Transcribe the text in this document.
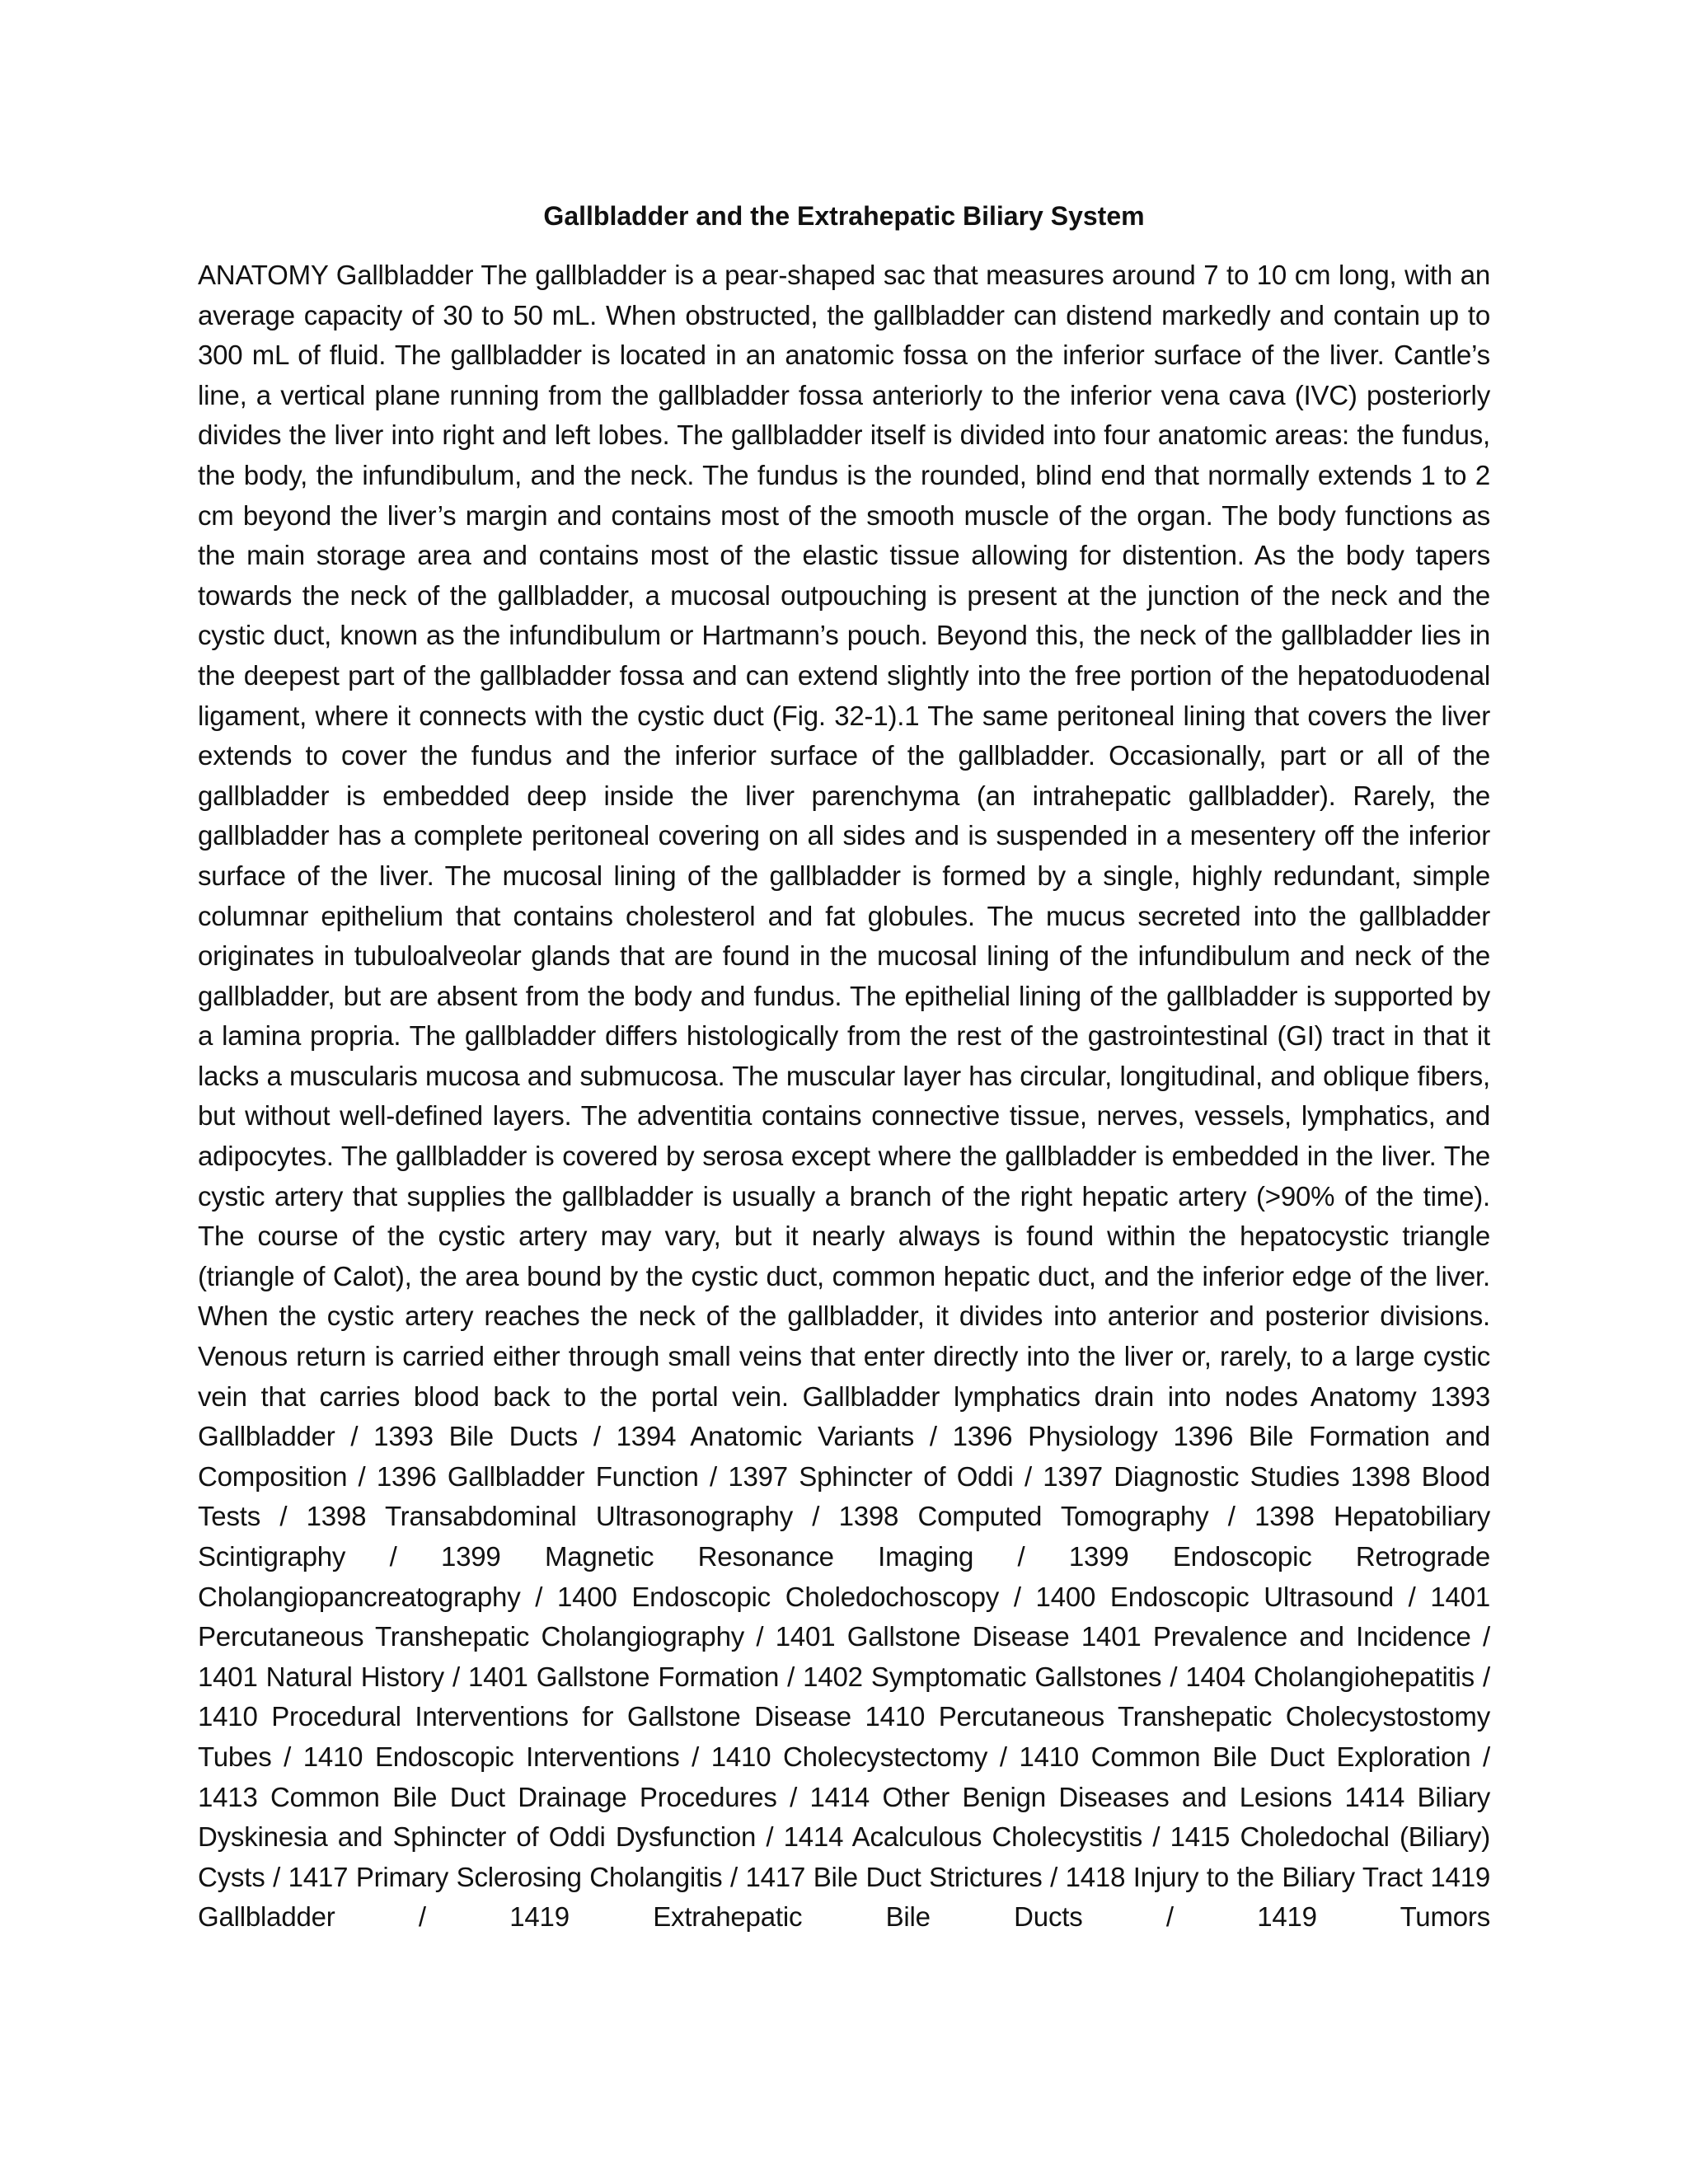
Gallbladder and the Extrahepatic Biliary System

ANATOMY Gallbladder The gallbladder is a pear-shaped sac that measures around 7 to 10 cm long, with an average capacity of 30 to 50 mL. When obstructed, the gallbladder can distend markedly and contain up to 300 mL of fluid. The gallbladder is located in an anatomic fossa on the inferior surface of the liver. Cantle’s line, a vertical plane running from the gallbladder fossa anteriorly to the inferior vena cava (IVC) posteriorly divides the liver into right and left lobes. The gallbladder itself is divided into four anatomic areas: the fundus, the body, the infundibulum, and the neck. The fundus is the rounded, blind end that normally extends 1 to 2 cm beyond the liver’s margin and contains most of the smooth muscle of the organ. The body functions as the main storage area and contains most of the elastic tissue allowing for distention. As the body tapers towards the neck of the gallbladder, a mucosal outpouching is present at the junction of the neck and the cystic duct, known as the infundibulum or Hartmann’s pouch. Beyond this, the neck of the gallbladder lies in the deepest part of the gallbladder fossa and can extend slightly into the free portion of the hepatoduodenal ligament, where it connects with the cystic duct (Fig. 32-1).1 The same peritoneal lining that covers the liver extends to cover the fundus and the inferior surface of the gallbladder. Occasionally, part or all of the gallbladder is embedded deep inside the liver parenchyma (an intrahepatic gallbladder). Rarely, the gallbladder has a complete peritoneal covering on all sides and is suspended in a mesentery off the inferior surface of the liver. The mucosal lining of the gallbladder is formed by a single, highly redundant, simple columnar epithelium that contains cholesterol and fat globules. The mucus secreted into the gallbladder originates in tubuloalveolar glands that are found in the mucosal lining of the infundibulum and neck of the gallbladder, but are absent from the body and fundus. The epithelial lining of the gallbladder is supported by a lamina propria. The gallbladder differs histologically from the rest of the gastrointestinal (GI) tract in that it lacks a muscularis mucosa and submucosa. The muscular layer has circular, longitudinal, and oblique fibers, but without well-defined layers. The adventitia contains connective tissue, nerves, vessels, lymphatics, and adipocytes. The gallbladder is covered by serosa except where the gallbladder is embedded in the liver. The cystic artery that supplies the gallbladder is usually a branch of the right hepatic artery (>90% of the time). The course of the cystic artery may vary, but it nearly always is found within the hepatocystic triangle (triangle of Calot), the area bound by the cystic duct, common hepatic duct, and the inferior edge of the liver. When the cystic artery reaches the neck of the gallbladder, it divides into anterior and posterior divisions. Venous return is carried either through small veins that enter directly into the liver or, rarely, to a large cystic vein that carries blood back to the portal vein. Gallbladder lymphatics drain into nodes Anatomy 1393 Gallbladder / 1393 Bile Ducts / 1394 Anatomic Variants / 1396 Physiology 1396 Bile Formation and Composition / 1396 Gallbladder Function / 1397 Sphincter of Oddi / 1397 Diagnostic Studies 1398 Blood Tests / 1398 Transabdominal Ultrasonography / 1398 Computed Tomography / 1398 Hepatobiliary Scintigraphy / 1399 Magnetic Resonance Imaging / 1399 Endoscopic Retrograde Cholangiopancreatography / 1400 Endoscopic Choledochoscopy / 1400 Endoscopic Ultrasound / 1401 Percutaneous Transhepatic Cholangiography / 1401 Gallstone Disease 1401 Prevalence and Incidence / 1401 Natural History / 1401 Gallstone Formation / 1402 Symptomatic Gallstones / 1404 Cholangiohepatitis / 1410 Procedural Interventions for Gallstone Disease 1410 Percutaneous Transhepatic Cholecystostomy Tubes / 1410 Endoscopic Interventions / 1410 Cholecystectomy / 1410 Common Bile Duct Exploration / 1413 Common Bile Duct Drainage Procedures / 1414 Other Benign Diseases and Lesions 1414 Biliary Dyskinesia and Sphincter of Oddi Dysfunction / 1414 Acalculous Cholecystitis / 1415 Choledochal (Biliary) Cysts / 1417 Primary Sclerosing Cholangitis / 1417 Bile Duct Strictures / 1418 Injury to the Biliary Tract 1419 Gallbladder / 1419 Extrahepatic Bile Ducts / 1419 Tumors
